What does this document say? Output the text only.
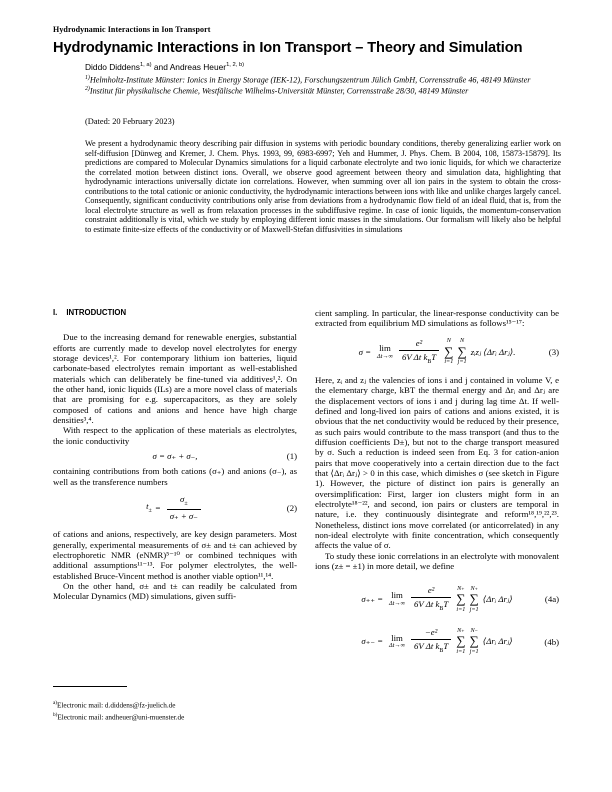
Hydrodynamic Interactions in Ion Transport
Hydrodynamic Interactions in Ion Transport – Theory and Simulation
Diddo Diddens$^{1, a)}$ and Andreas Heuer$^{1, 2, b)}$
$^{1)}$Helmholtz-Institute Münster: Ionics in Energy Storage (IEK-12), Forschungszentrum Jülich GmbH, Corrensstraße 46, 48149 Münster
$^{2)}$Institut für physikalische Chemie, Westfälische Wilhelms-Universität Münster, Corrensstraße 28/30, 48149 Münster
(Dated: 20 February 2023)
We present a hydrodynamic theory describing pair diffusion in systems with periodic boundary conditions, thereby generalizing earlier work on self-diffusion [Dünweg and Kremer, J. Chem. Phys. 1993, 99, 6983-6997; Yeh and Hummer, J. Phys. Chem. B 2004, 108, 15873-15879]. Its predictions are compared to Molecular Dynamics simulations for a liquid carbonate electrolyte and two ionic liquids, for which we characterize the correlated motion between distinct ions. Overall, we observe good agreement between theory and simulation data, highlighting that hydrodynamic interactions universally dictate ion correlations. However, when summing over all ion pairs in the system to obtain the cross-contributions to the total cationic or anionic conductivity, the hydrodynamic interactions between ions with like and unlike charges largely cancel. Consequently, significant conductivity contributions only arise from deviations from a hydrodynamic flow field of an ideal fluid, that is, from the local electrolyte structure as well as from relaxation processes in the subdiffusive regime. In case of ionic liquids, the momentum-conservation constraint additionally is vital, which we study by employing different ionic masses in the simulations. Our formalism will likely also be helpful to estimate finite-size effects of the conductivity or of Maxwell-Stefan diffusivities in simulations
I. INTRODUCTION

Due to the increasing demand for renewable energies, substantial efforts are currently made to develop novel electrolytes for energy storage devices¹,². For contemporary lithium ion batteries, liquid carbonate-based electrolytes remain important as well-established materials which can deliberately be fine-tuned via additives¹,². On the other hand, ionic liquids (ILs) are a more novel class of materials that are promising for e.g. supercapacitors, as they are solely composed of cations and anions and hence have high charge densities³,⁴.

With respect to the application of these materials as electrolytes, the ionic conductivity

σ = σ₊ + σ₋,	(1)

containing contributions from both cations (σ₊) and anions (σ₋), as well as the transference numbers

$t_\pm = \frac{\sigma_\pm}{\sigma_+ + \sigma_-}$	(2)

of cations and anions, respectively, are key design parameters. Most generally, experimental measurements of σ± and t± can achieved by electrophoretic NMR (eNMR)⁵⁻¹⁰ or combined techniques with additional assumptions¹¹⁻¹³. For polymer electrolytes, the well-established Bruce-Vincent method is another viable option¹¹,¹⁴.

On the other hand, σ± and t± can readily be calculated from Molecular Dynamics (MD) simulations, given suffi-

cient sampling. In particular, the linear-response conductivity can be extracted from equilibrium MD simulations as follows¹⁵⁻¹⁷:

σ = lim
$\Delta t\to\infty \frac{\text{e²}}{6V \Delta t k_BT}$ N
∑
i=1
N
∑
j=1
zᵢzⱼ ⟨Δrᵢ Δrⱼ⟩.	(3)

Here, zᵢ and zⱼ the valencies of ions i and j contained in volume V, e the elementary charge, kBT the thermal energy and Δrᵢ and Δrⱼ are the displacement vectors of ions i and j during lag time Δt. If well-defined and long-lived ion pairs of cations and anions existed, it is obvious that the net conductivity would be reduced by their presence, as such pairs would contribute to the mass transport (and thus to the diffusion coefficients D±), but not to the charge transport measured by σ. Such a reduction is indeed seen from Eq. 3 for cation-anion pairs that move cooperatively into a certain direction due to the fact that ⟨Δrᵢ Δrⱼ⟩ > 0 in this case, which dimishes σ (see sketch in Figure 1). However, the picture of distinct ion pairs is generally an oversimplification: First, larger ion clusters might form in an electrolyte¹⁸⁻²², and second, ion pairs or clusters are temporal in nature, i.e. they continuously disintegrate and reform¹⁸,¹⁹,²²,²³. Nonetheless, distinct ions move correlated (or anticorrelated) in any non-ideal electrolyte with finite concentration, which consequently affects the value of σ.

To study these ionic correlations in an electrolyte with monovalent ions (z± = ±1) in more detail, we define

σ₊₊ = lim
$\Delta t\to\infty \frac{\text{e²}}{6V \Delta t k_BT} N_+$
∑
i=1
N₊
∑
j=1
⟨Δrᵢ Δrⱼ⟩	(4a)
σ₊₋ = lim
$\Delta t\to\infty \frac{\text{−e²}}{6V \Delta t k_BT} N_+$
∑
i=1
N₋
∑
j=1
⟨Δrᵢ Δrⱼ⟩	(4b)
$^{a)}$Electronic mail: d.diddens@fz-juelich.de
$^{b)}$Electronic mail: andheuer@uni-muenster.de
